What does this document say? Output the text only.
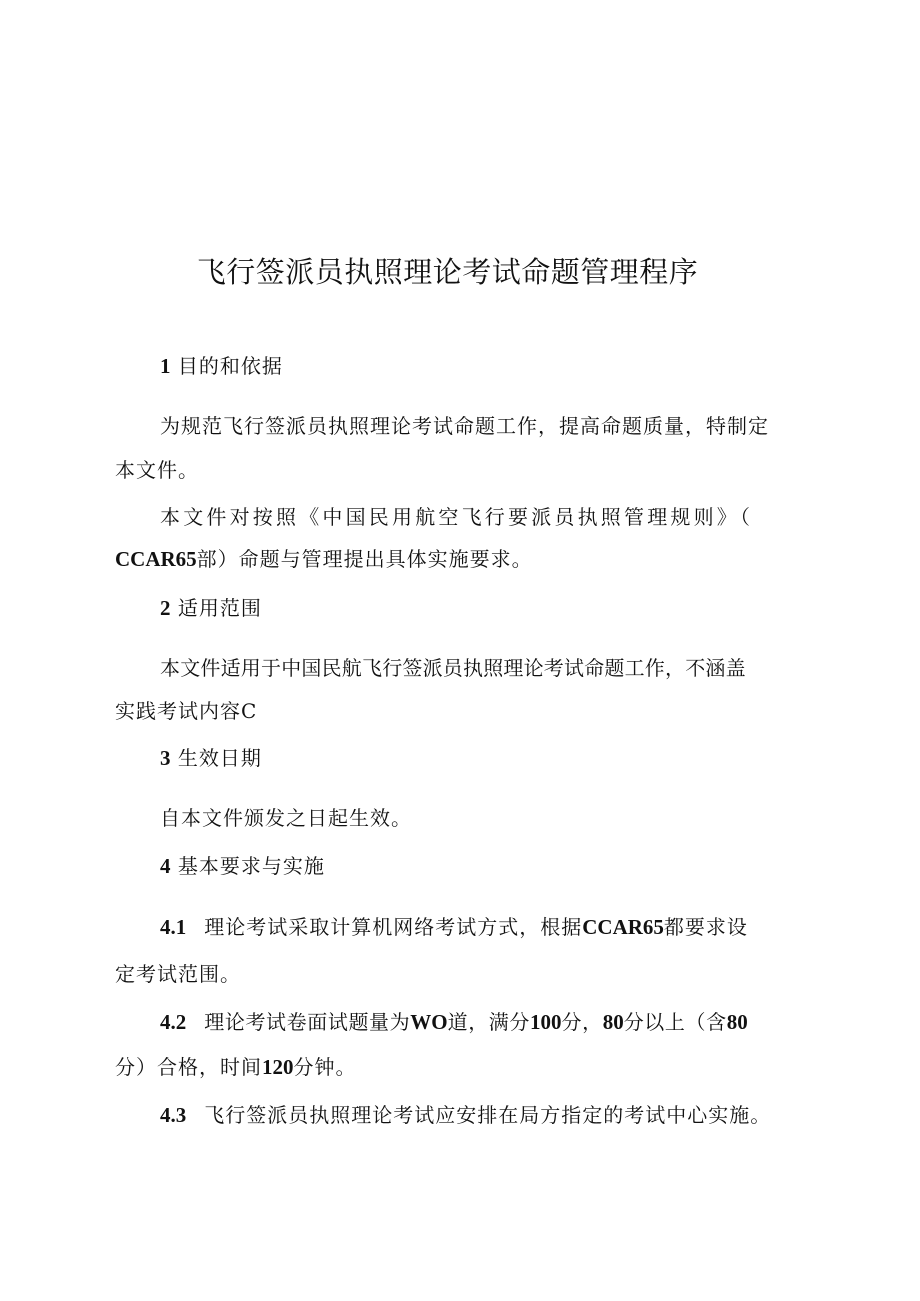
飞行签派员执照理论考试命题管理程序
1 目的和依据
为规范飞行签派员执照理论考试命题工作，提高命题质量，特制定
本文件。
本文件对按照《中国民用航空飞行要派员执照管理规则》（
CCAR65部）命题与管理提出具体实施要求。
2 适用范围
本文件适用于中国民航飞行签派员执照理论考试命题工作，不涵盖
实践考试内容C
3 生效日期
自本文件颁发之日起生效。
4 基本要求与实施
4.1 理论考试采取计算机网络考试方式，根据CCAR65都要求设
定考试范围。
4.2 理论考试卷面试题量为WO道，满分100分，80分以上（含80
分）合格，时间120分钟。
4.3 飞行签派员执照理论考试应安排在局方指定的考试中心实施。
